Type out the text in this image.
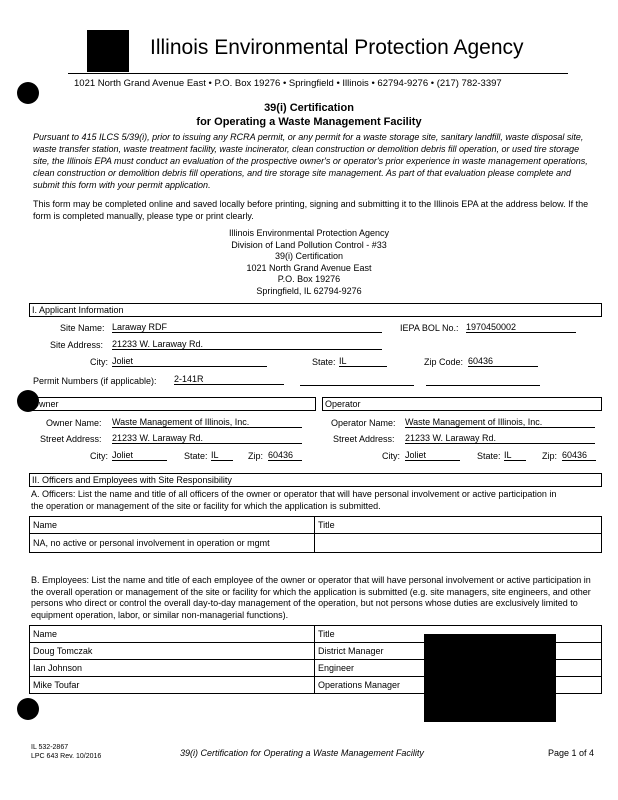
Illinois Environmental Protection Agency
1021 North Grand Avenue East • P.O. Box 19276 • Springfield • Illinois • 62794-9276 • (217) 782-3397
39(i) Certification
for Operating a Waste Management Facility
Pursuant to 415 ILCS 5/39(i), prior to issuing any RCRA permit, or any permit for a waste storage site, sanitary landfill, waste disposal site, waste transfer station, waste treatment facility, waste incinerator, clean construction or demolition debris fill operation, or used tire storage site, the Illinois EPA must conduct an evaluation of the prospective owner's or operator's prior experience in waste management operations, clean construction or demolition debris fill operations, and tire storage site management. As part of that evaluation please complete and submit this form with your permit application.
This form may be completed online and saved locally before printing, signing and submitting it to the Illinois EPA at the address below. If the form is completed manually, please type or print clearly.
Illinois Environmental Protection Agency
Division of Land Pollution Control - #33
39(i) Certification
1021 North Grand Avenue East
P.O. Box 19276
Springfield, IL 62794-9276
I. Applicant Information
Site Name: Laraway RDF	IEPA BOL No.: 1970450002
Site Address: 21233 W. Laraway Rd.
City: Joliet	State: IL	Zip Code: 60436
Permit Numbers (if applicable): 2-141R
Owner	Operator
Owner Name: Waste Management of Illinois, Inc.
Street Address: 21233 W. Laraway Rd.
City: Joliet	State: IL	Zip: 60436
Operator Name: Waste Management of Illinois, Inc.
Street Address: 21233 W. Laraway Rd.
City: Joliet	State: IL	Zip: 60436
II. Officers and Employees with Site Responsibility
A. Officers: List the name and title of all officers of the owner or operator that will have personal involvement or active participation in the operation or management of the site or facility for which the application is submitted.
Name	Title
NA, no active or personal involvement in operation or mgmt	
B. Employees: List the name and title of each employee of the owner or operator that will have personal involvement or active participation in the overall operation or management of the site or facility for which the application is submitted (e.g. site managers, site engineers, and other persons who direct or control the overall day-to-day management of the operation, but not persons whose duties are exclusively limited to equipment operation, labor, or similar non-managerial functions).
Name	Title
Doug Tomczak	District Manager
Ian Johnson	Engineer
Mike Toufar	Operations Manager
IL 532-2867
LPC 643 Rev. 10/2016	39(i) Certification for Operating a Waste Management Facility	Page 1 of 4
